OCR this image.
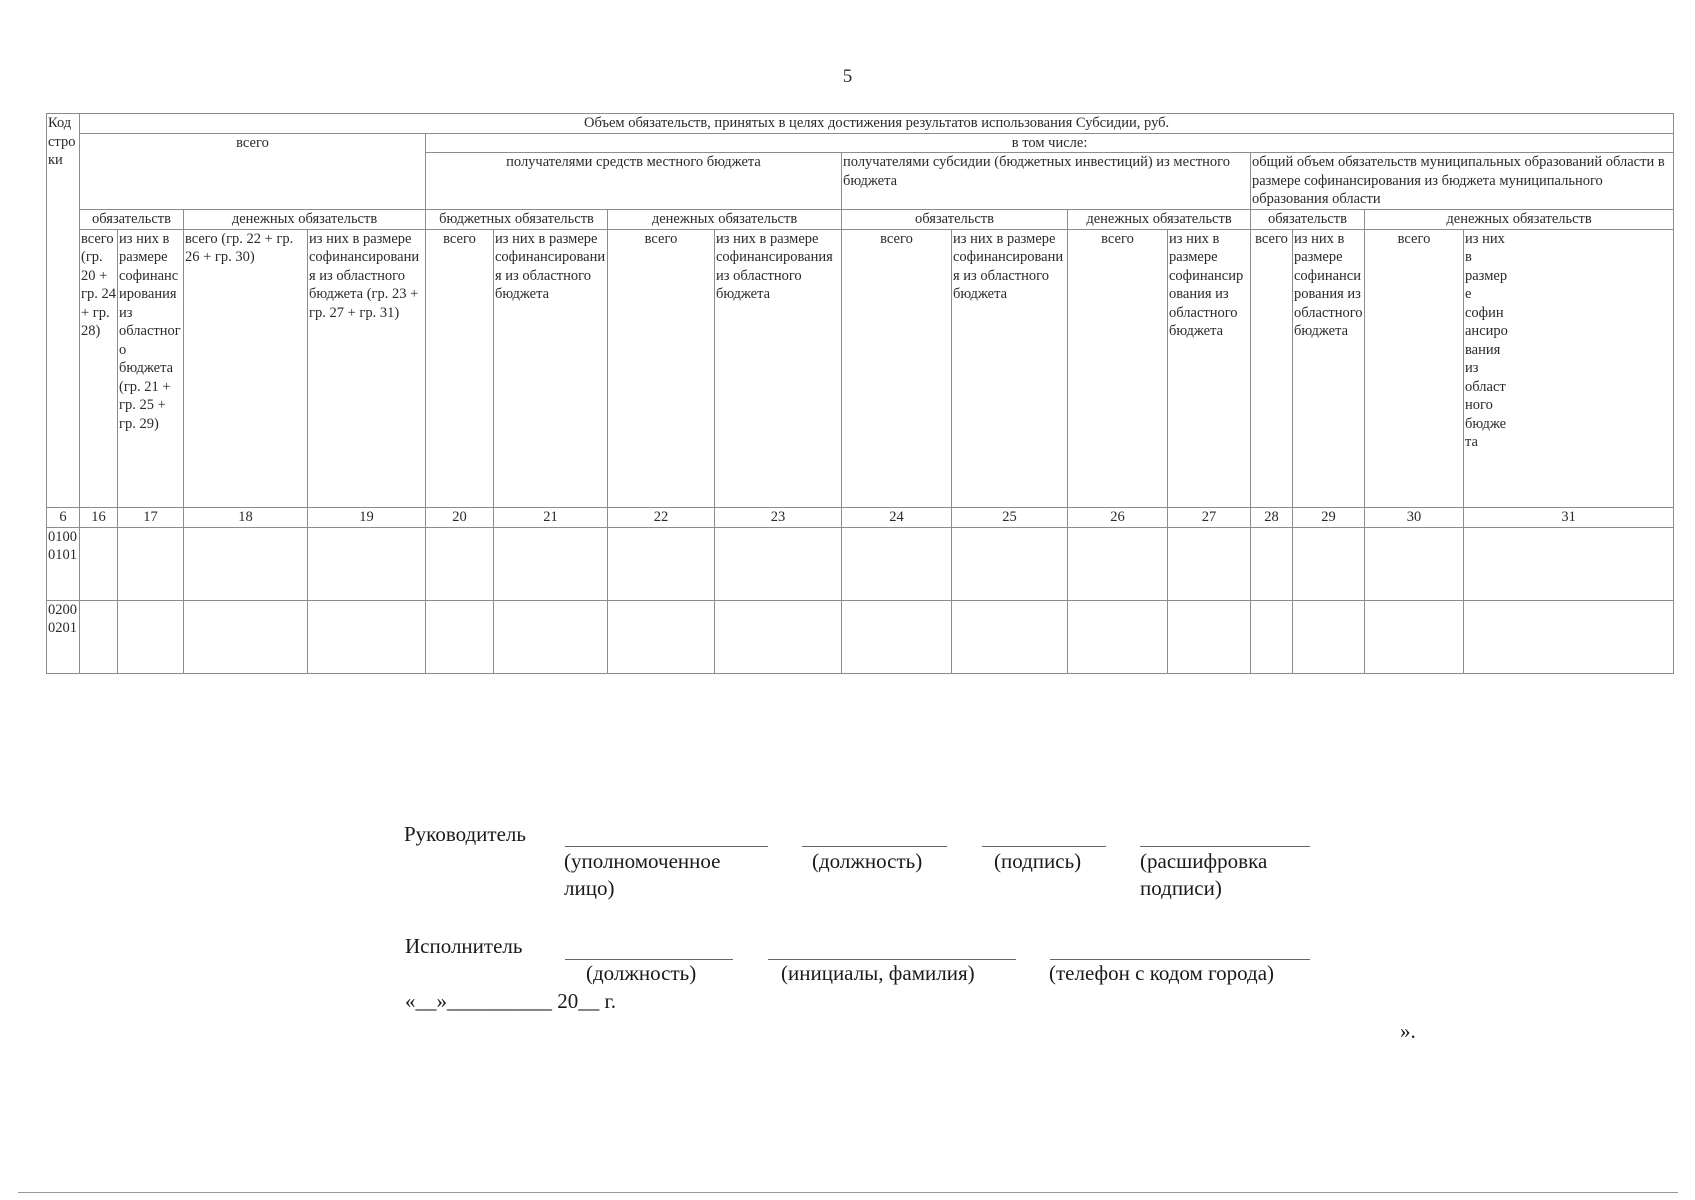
5
Код строки	Объем обязательств, принятых в целях достижения результатов использования Субсидии, руб.															
	всего				в том числе:											
					получателями средств местного бюджета				получателями субсидии (бюджетных инвестиций) из местного бюджета				общий объем обязательств муниципальных образований области в размере софинансирования из бюджета муниципального образования области			
	обязательств		денежных обязательств		бюджетных обязательств		денежных обязательств		обязательств		денежных обязательств		обязательств		денежных обязательств	
	всего (гр. 20 + гр. 24 + гр. 28)	из них в размере софинансирования из областного бюджета (гр. 21 + гр. 25 + гр. 29)	всего (гр. 22 + гр. 26 + гр. 30)	из них в размере софинансирования из областного бюджета (гр. 23 + гр. 27 + гр. 31)	всего	из них в размере софинансирования из областного бюджета	всего	из них в размере софинансирования из областного бюджета	всего	из них в размере софинансирования из областного бюджета	всего	из них в размере софинансирования из областного бюджета	всего	из них в размере софинансирования из областного бюджета	всего	из них в размере софинансирования из областного бюджета
6	16	17	18	19	20	21	22	23	24	25	26	27	28	29	30	31
0100 0101																
0200 0201																
Руководитель
(уполномоченное лицо)
(должность)	(подпись)	(расшифровка подписи)
Исполнитель
(должность)	(инициалы, фамилия)	(телефон с кодом города)
«__»__________ 20__ г.
».
